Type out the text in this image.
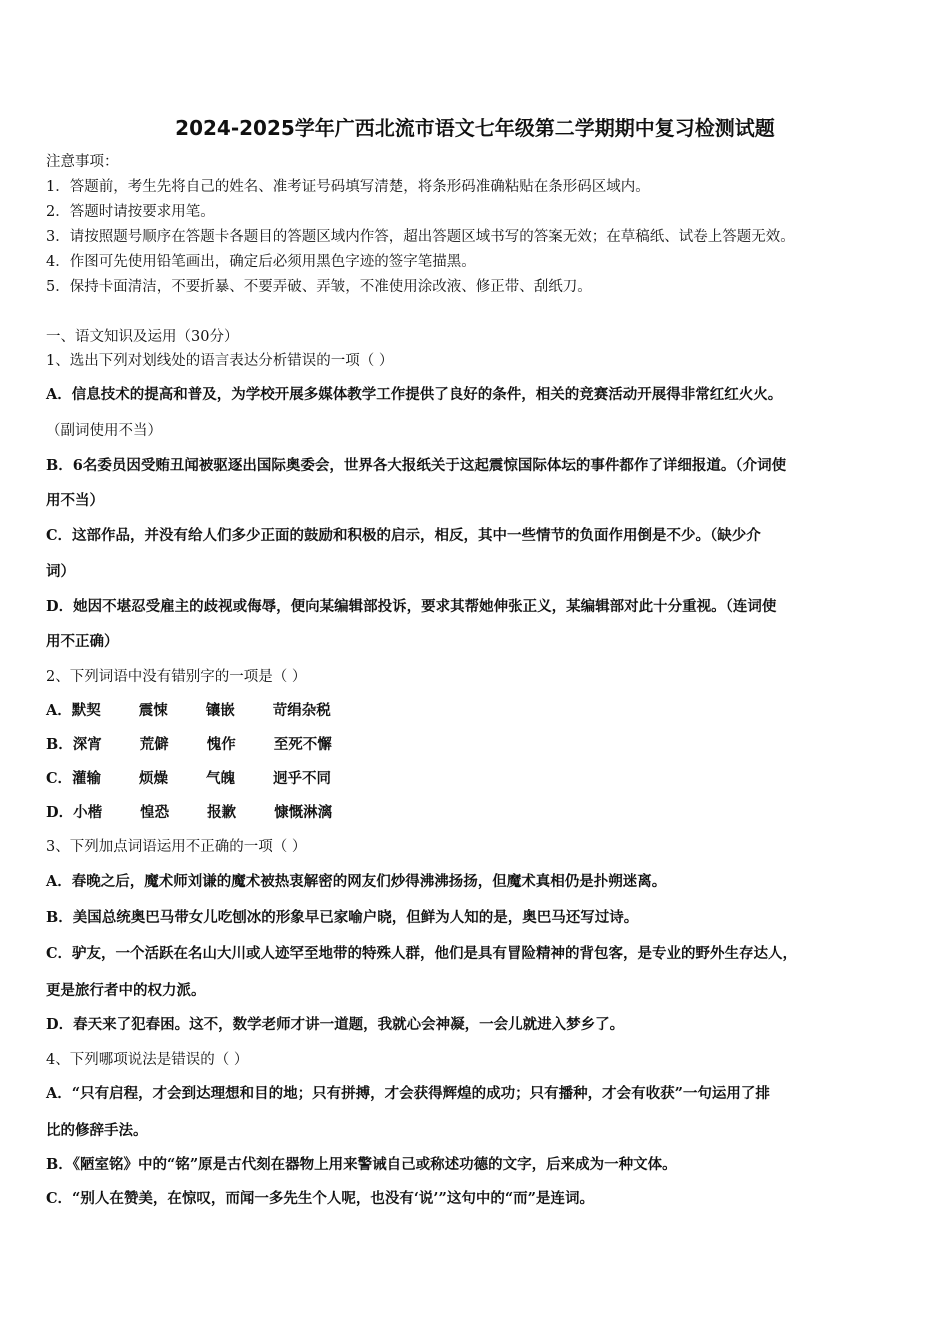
2024-2025学年广西北流市语文七年级第二学期期中复习检测试题
注意事项：
1．答题前，考生先将自己的姓名、准考证号码填写清楚，将条形码准确粘贴在条形码区域内。
2．答题时请按要求用笔。
3．请按照题号顺序在答题卡各题目的答题区域内作答，超出答题区域书写的答案无效；在草稿纸、试卷上答题无效。
4．作图可先使用铅笔画出，确定后必须用黑色字迹的签字笔描黑。
5．保持卡面清洁，不要折暴、不要弄破、弄皱，不准使用涂改液、修正带、刮纸刀。
一、语文知识及运用（30分）
1、选出下列对划线处的语言表达分析错误的一项（ ）
A．信息技术的提高和普及，为学校开展多媒体教学工作提供了良好的条件，相关的竞赛活动开展得非常红红火火。
（副词使用不当）
B．6名委员因受贿丑闻被驱逐出国际奥委会，世界各大报纸关于这起震惊国际体坛的事件都作了详细报道。（介词使
用不当）
C．这部作品，并没有给人们多少正面的鼓励和积极的启示，相反，其中一些情节的负面作用倒是不少。（缺少介
词）
D．她因不堪忍受雇主的歧视或侮辱，便向某编辑部投诉，要求其帮她伸张正义，某编辑部对此十分重视。（连词使
用不正确）
2、下列词语中没有错别字的一项是（ ）
A．默契	震悚	镶嵌	苛绢杂税
B．深宵	荒僻	愧作	至死不懈
C．灌输	烦燥	气魄	迥乎不同
D．小楷	惶恐	报歉	慷慨淋漓
3、下列加点词语运用不正确的一项（ ）
A．春晚之后，魔术师刘谦的魔术被热衷解密的网友们炒得沸沸扬扬，但魔术真相仍是扑朔迷离。
B．美国总统奥巴马带女儿吃刨冰的形象早已家喻户晓，但鲜为人知的是，奥巴马还写过诗。
C．驴友，一个活跃在名山大川或人迹罕至地带的特殊人群，他们是具有冒险精神的背包客，是专业的野外生存达人，
更是旅行者中的权力派。
D．春天来了犯春困。这不，数学老师才讲一道题，我就心会神凝，一会儿就进入梦乡了。
4、下列哪项说法是错误的（ ）
A．“只有启程，才会到达理想和目的地；只有拼搏，才会获得辉煌的成功；只有播种，才会有收获”一句运用了排
比的修辞手法。
B．《陋室铭》中的“铭”原是古代刻在器物上用来警诫自己或称述功德的文字，后来成为一种文体。
C．“别人在赞美，在惊叹，而闻一多先生个人呢，也没有‘说’”这句中的“而”是连词。
